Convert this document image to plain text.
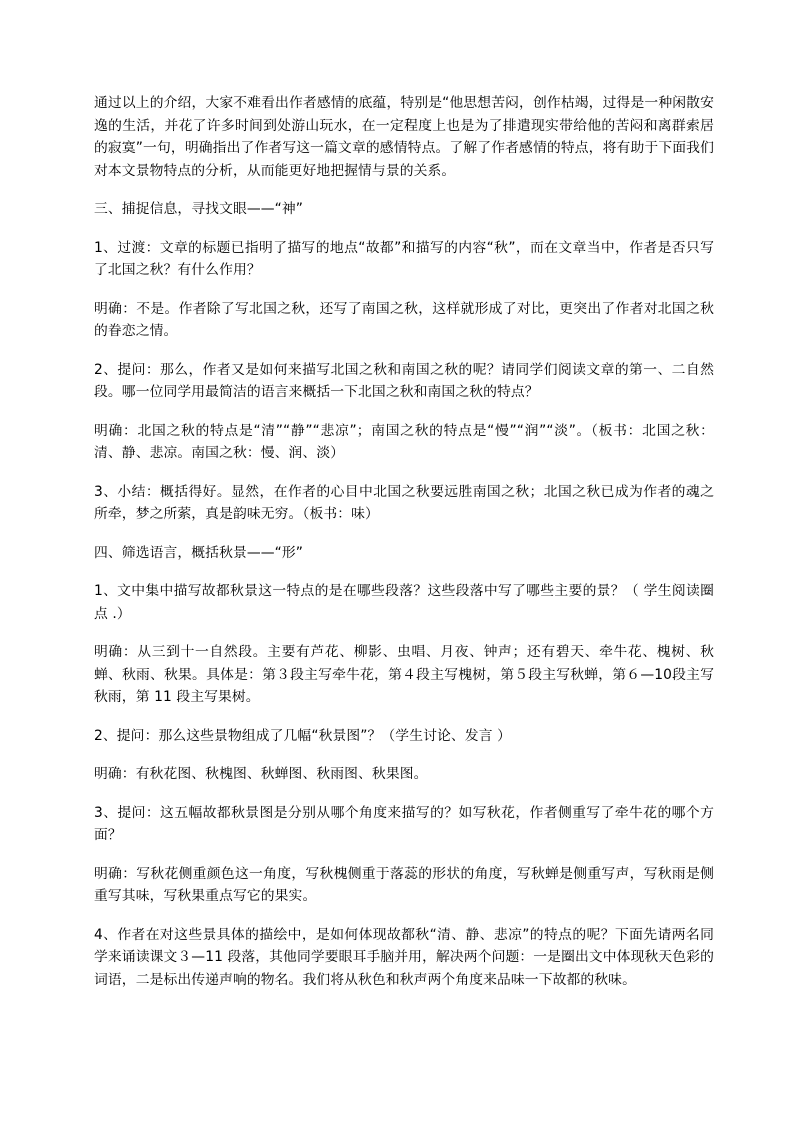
通过以上的介绍，大家不难看出作者感情的底蕴，特别是“他思想苦闷，创作枯竭，过得是一种闲散安逸的生活，并花了许多时间到处游山玩水，在一定程度上也是为了排遣现实带给他的苦闷和离群索居的寂寞”一句，明确指出了作者写这一篇文章的感情特点。了解了作者感情的特点，将有助于下面我们对本文景物特点的分析，从而能更好地把握情与景的关系。

三、捕捉信息，寻找文眼——“神”

1、过渡：文章的标题已指明了描写的地点“故都”和描写的内容“秋”，而在文章当中，作者是否只写了北国之秋？有什么作用？

明确：不是。作者除了写北国之秋，还写了南国之秋，这样就形成了对比，更突出了作者对北国之秋的眷恋之情。

2、提问：那么，作者又是如何来描写北国之秋和南国之秋的呢？请同学们阅读文章的第一、二自然段。哪一位同学用最简洁的语言来概括一下北国之秋和南国之秋的特点？

明确：北国之秋的特点是“清”“静”“悲凉”；南国之秋的特点是“慢”“润”“淡”。（板书：北国之秋：清、静、悲凉。南国之秋：慢、润、淡）

3、小结：概括得好。显然，在作者的心目中北国之秋要远胜南国之秋；北国之秋已成为作者的魂之所牵，梦之所萦，真是韵味无穷。（板书：味）

四、筛选语言，概括秋景——“形”

1、文中集中描写故都秋景这一特点的是在哪些段落？这些段落中写了哪些主要的景？（ 学生阅读圈点 .）

明确：从三到十一自然段。主要有芦花、柳影、虫唱、月夜、钟声；还有碧天、牵牛花、槐树、秋蝉、秋雨、秋果。具体是：第３段主写牵牛花，第４段主写槐树，第５段主写秋蝉，第６—10段主写秋雨，第 11 段主写果树。

2、提问：那么这些景物组成了几幅“秋景图”？（学生讨论、发言 ）

明确：有秋花图、秋槐图、秋蝉图、秋雨图、秋果图。

3、提问：这五幅故都秋景图是分别从哪个角度来描写的？如写秋花，作者侧重写了牵牛花的哪个方面？

明确：写秋花侧重颜色这一角度，写秋槐侧重于落蕊的形状的角度，写秋蝉是侧重写声，写秋雨是侧重写其味，写秋果重点写它的果实。

4、作者在对这些景具体的描绘中，是如何体现故都秋“清、静、悲凉”的特点的呢？下面先请两名同学来诵读课文３—11 段落，其他同学要眼耳手脑并用，解决两个问题：一是圈出文中体现秋天色彩的词语，二是标出传递声响的物名。我们将从秋色和秋声两个角度来品味一下故都的秋味。
